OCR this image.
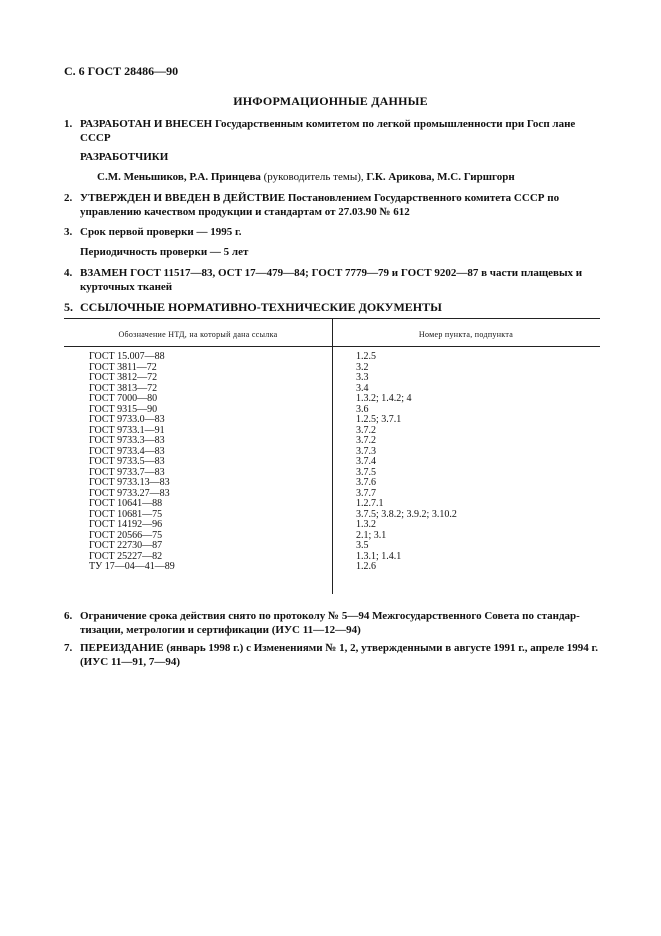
С. 6 ГОСТ 28486—90
ИНФОРМАЦИОННЫЕ ДАННЫЕ
1. РАЗРАБОТАН И ВНЕСЕН Государственным комитетом по легкой промышленности при Госп лане СССР
РАЗРАБОТЧИКИ
С.М. Меньшиков, Р.А. Принцева (руководитель темы), Г.К. Арикова, М.С. Гиршгорн
2. УТВЕРЖДЕН И ВВЕДЕН В ДЕЙСТВИЕ Постановлением Государственного комитета СССР по управлению качеством продукции и стандартам от 27.03.90 № 612
3. Срок первой проверки — 1995 г.
Периодичность проверки — 5 лет
4. ВЗАМЕН ГОСТ 11517—83, ОСТ 17—479—84; ГОСТ 7779—79 и ГОСТ 9202—87 в части плащевых и курточных тканей
5. ССЫЛОЧНЫЕ НОРМАТИВНО-ТЕХНИЧЕСКИЕ ДОКУМЕНТЫ
Обозначение НТД, на который дана ссылка	Номер пункта, подпункта
ГОСТ 15.007—88	1.2.5
ГОСТ 3811—72	3.2
ГОСТ 3812—72	3.3
ГОСТ 3813—72	3.4
ГОСТ 7000—80	1.3.2; 1.4.2; 4
ГОСТ 9315—90	3.6
ГОСТ 9733.0—83	1.2.5; 3.7.1
ГОСТ 9733.1—91	3.7.2
ГОСТ 9733.3—83	3.7.2
ГОСТ 9733.4—83	3.7.3
ГОСТ 9733.5—83	3.7.4
ГОСТ 9733.7—83	3.7.5
ГОСТ 9733.13—83	3.7.6
ГОСТ 9733.27—83	3.7.7
ГОСТ 10641—88	1.2.7.1
ГОСТ 10681—75	3.7.5; 3.8.2; 3.9.2; 3.10.2
ГОСТ 14192—96	1.3.2
ГОСТ 20566—75	2.1; 3.1
ГОСТ 22730—87	3.5
ГОСТ 25227—82	1.3.1; 1.4.1
ТУ 17—04—41—89	1.2.6
6. Ограничение срока действия снято по протоколу № 5—94 Межгосударственного Совета по стандар-тизации, метрологии и сертификации (ИУС 11—12—94)
7. ПЕРЕИЗДАНИЕ (январь 1998 г.) с Изменениями № 1, 2, утвержденными в августе 1991 г., апреле 1994 г. (ИУС 11—91, 7—94)
